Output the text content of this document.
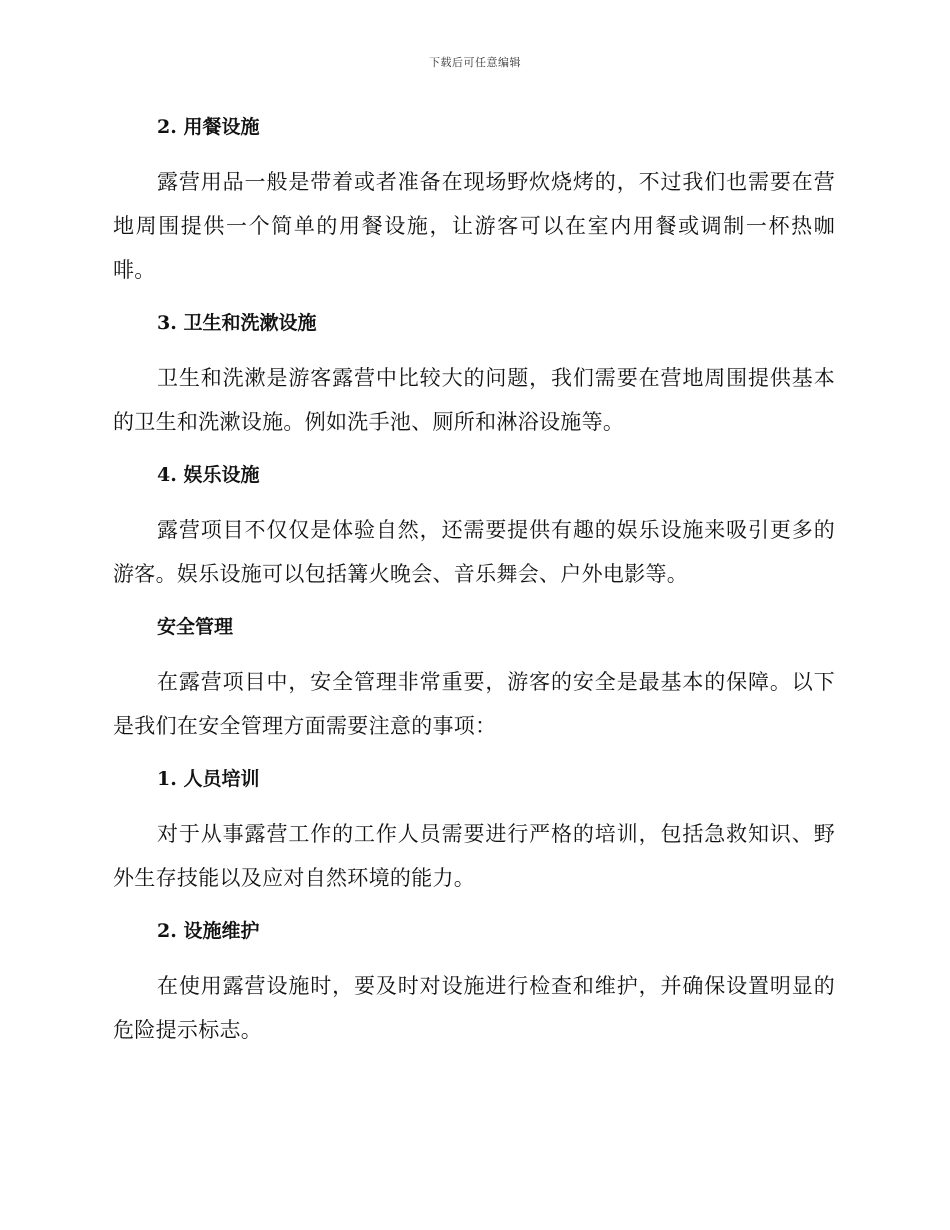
下载后可任意编辑
2. 用餐设施

露营用品一般是带着或者准备在现场野炊烧烤的，不过我们也需要在营地周围提供一个简单的用餐设施，让游客可以在室内用餐或调制一杯热咖啡。

3. 卫生和洗漱设施

卫生和洗漱是游客露营中比较大的问题，我们需要在营地周围提供基本的卫生和洗漱设施。例如洗手池、厕所和淋浴设施等。

4. 娱乐设施

露营项目不仅仅是体验自然，还需要提供有趣的娱乐设施来吸引更多的游客。娱乐设施可以包括篝火晚会、音乐舞会、户外电影等。

安全管理

在露营项目中，安全管理非常重要，游客的安全是最基本的保障。以下是我们在安全管理方面需要注意的事项：

1. 人员培训

对于从事露营工作的工作人员需要进行严格的培训，包括急救知识、野外生存技能以及应对自然环境的能力。

2. 设施维护

在使用露营设施时，要及时对设施进行检查和维护，并确保设置明显的危险提示标志。
